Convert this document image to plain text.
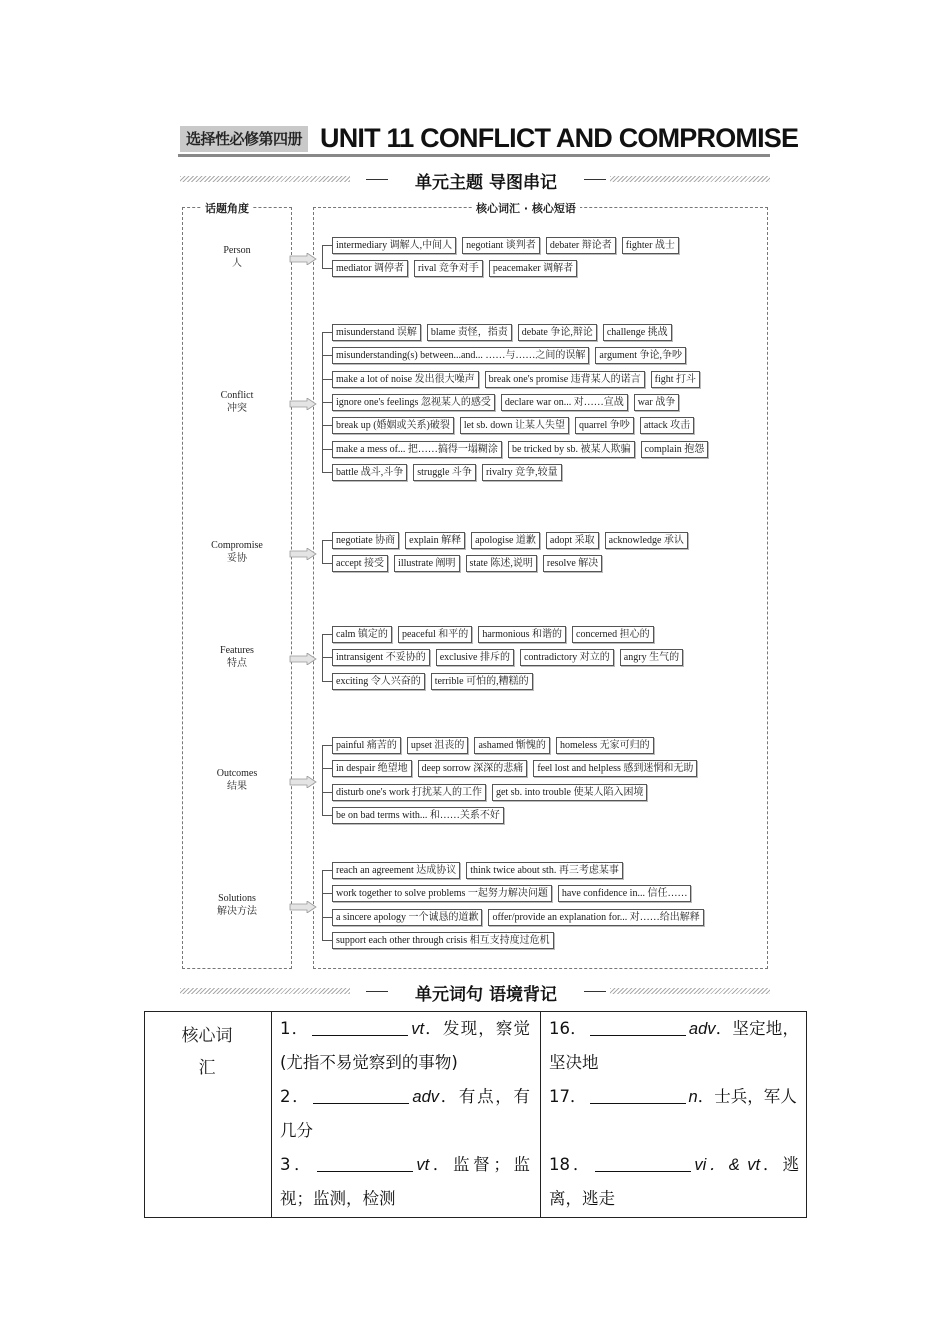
选择性必修第四册 UNIT 11 CONFLICT AND COMPROMISE
单元主题 导图串记
话题角度	核心词汇 · 核心短语
Person
人
intermediary 调解人,中间人 negotiant 谈判者 debater 辩论者 fighter 战士
mediator 调停者 rival 竞争对手 peacemaker 调解者
Conflict
冲突
misunderstand 误解 blame 责怪，指责 debate 争论,辩论 challenge 挑战
misunderstanding(s) between...and... ……与……之间的误解 argument 争论,争吵
make a lot of noise 发出很大噪声 break one's promise 违背某人的诺言 fight 打斗
ignore one's feelings 忽视某人的感受 declare war on... 对……宣战 war 战争
break up (婚姻或关系)破裂 let sb. down 让某人失望 quarrel 争吵 attack 攻击
make a mess of... 把……搞得一塌糊涂 be tricked by sb. 被某人欺骗 complain 抱怨
battle 战斗,斗争 struggle 斗争 rivalry 竞争,较量
Compromise
妥协
negotiate 协商 explain 解释 apologise 道歉 adopt 采取 acknowledge 承认
accept 接受 illustrate 阐明 state 陈述,说明 resolve 解决
Features
特点
calm 镇定的 peaceful 和平的 harmonious 和谐的 concerned 担心的
intransigent 不妥协的 exclusive 排斥的 contradictory 对立的 angry 生气的
exciting 令人兴奋的 terrible 可怕的,糟糕的
Outcomes
结果
painful 痛苦的 upset 沮丧的 ashamed 惭愧的 homeless 无家可归的
in despair 绝望地 deep sorrow 深深的悲痛 feel lost and helpless 感到迷惘和无助
disturb one's work 打扰某人的工作 get sb. into trouble 使某人陷入困境
be on bad terms with... 和……关系不好
Solutions
解决方法
reach an agreement 达成协议 think twice about sth. 再三考虑某事
work together to solve problems 一起努力解决问题 have confidence in... 信任……
a sincere apology 一个诚恳的道歉 offer/provide an explanation for... 对……给出解释
support each other through crisis 相互支持度过危机
单元词句 语境背记
核心词汇
1．	vt．发现，察觉(尤指不易觉察到的事物)
2．	adv．有点，有几分
3．	vt．监督；监视；监测，检测
16．	adv．坚定地，坚决地
17．	n．士兵，军人
18．	vi．& vt．逃离，逃走
